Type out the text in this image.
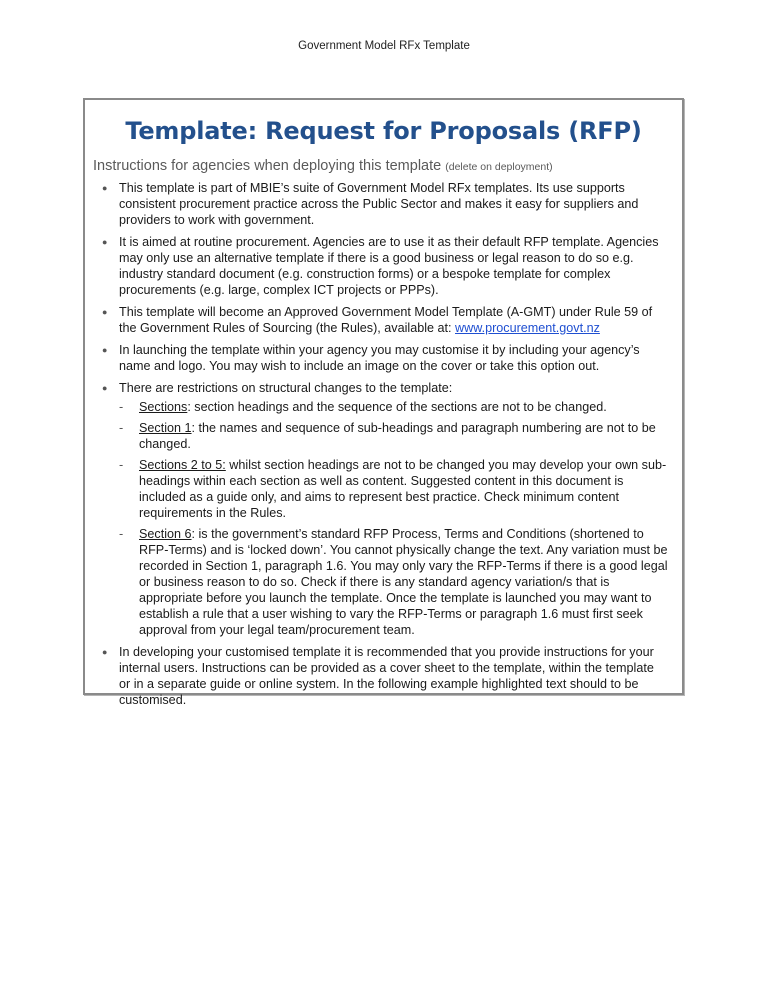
Government Model RFx Template
Template: Request for Proposals (RFP)
Instructions for agencies when deploying this template (delete on deployment)
● This template is part of MBIE’s suite of Government Model RFx templates. Its use supports consistent procurement practice across the Public Sector and makes it easy for suppliers and providers to work with government.
● It is aimed at routine procurement. Agencies are to use it as their default RFP template. Agencies may only use an alternative template if there is a good business or legal reason to do so e.g. industry standard document (e.g. construction forms) or a bespoke template for complex procurements (e.g. large, complex ICT projects or PPPs).
● This template will become an Approved Government Model Template (A-GMT) under Rule 59 of the Government Rules of Sourcing (the Rules), available at: www.procurement.govt.nz
● In launching the template within your agency you may customise it by including your agency’s name and logo. You may wish to include an image on the cover or take this option out.
● There are restrictions on structural changes to the template:
- Sections: section headings and the sequence of the sections are not to be changed.
- Section 1: the names and sequence of sub-headings and paragraph numbering are not to be changed.
- Sections 2 to 5: whilst section headings are not to be changed you may develop your own sub-headings within each section as well as content. Suggested content in this document is included as a guide only, and aims to represent best practice. Check minimum content requirements in the Rules.
- Section 6: is the government’s standard RFP Process, Terms and Conditions (shortened to RFP-Terms) and is ‘locked down’. You cannot physically change the text. Any variation must be recorded in Section 1, paragraph 1.6. You may only vary the RFP-Terms if there is a good legal or business reason to do so. Check if there is any standard agency variation/s that is appropriate before you launch the template. Once the template is launched you may want to establish a rule that a user wishing to vary the RFP-Terms or paragraph 1.6 must first seek approval from your legal team/procurement team.
● In developing your customised template it is recommended that you provide instructions for your internal users. Instructions can be provided as a cover sheet to the template, within the template or in a separate guide or online system. In the following example highlighted text should to be customised.
